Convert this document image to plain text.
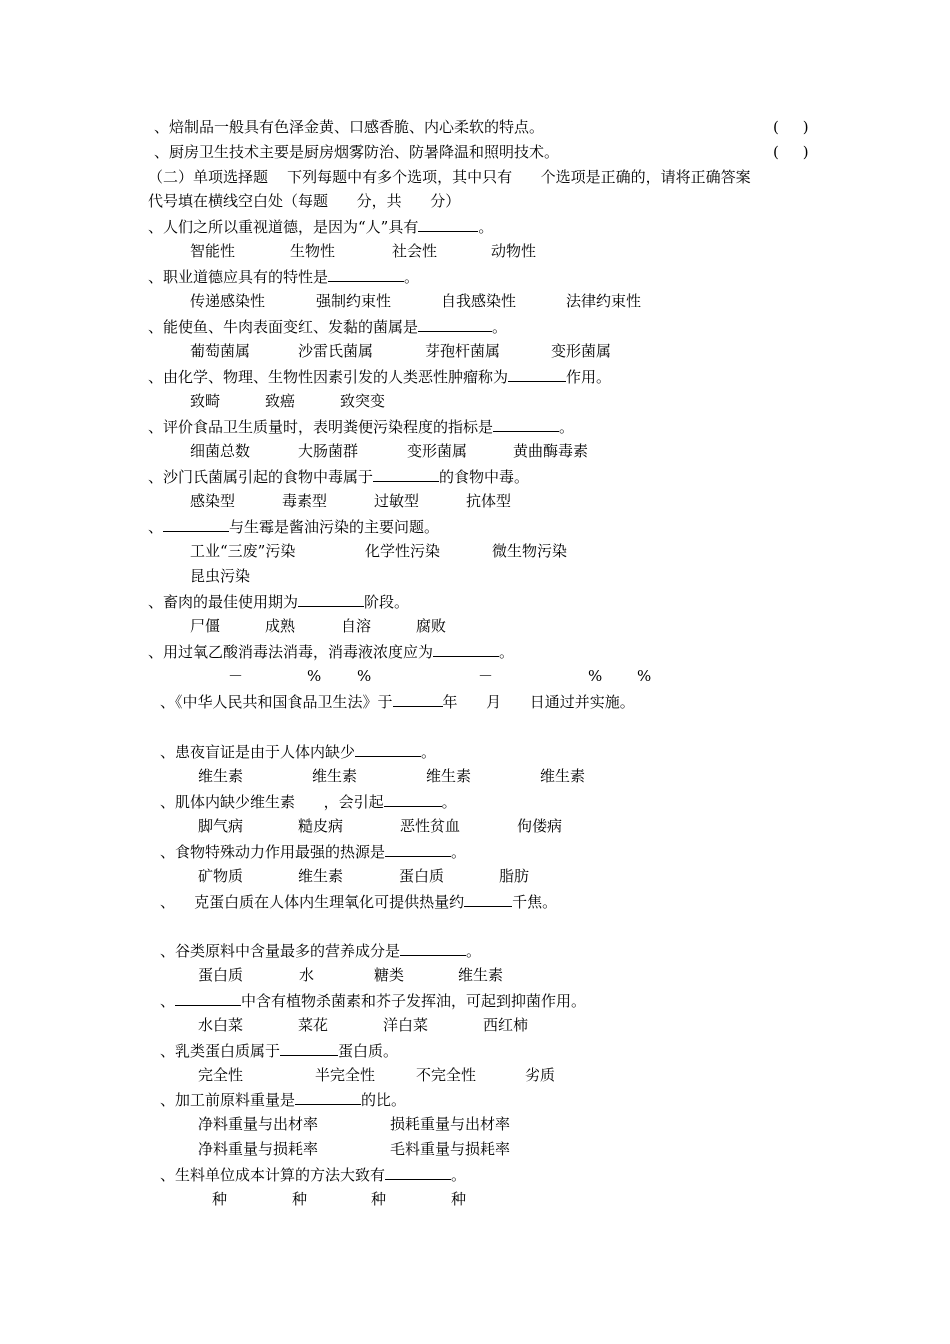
、焙制品一般具有色泽金黄、口感香脆、内心柔软的特点。	(     )
、厨房卫生技术主要是厨房烟雾防治、防暑降温和照明技术。	(     )
（二）单项选择题    下列每题中有多个选项，其中只有      个选项是正确的，请将正确答案
代号填在横线空白处（每题      分，共      分）
、人们之所以重视道德，是因为“人”具有	。
智能性	生物性	社会性	动物性
、职业道德应具有的特性是	。
传递感染性	强制约束性	自我感染性	法律约束性
、能使鱼、牛肉表面变红、发黏的菌属是	。
葡萄菌属	沙雷氏菌属	芽孢杆菌属	变形菌属
、由化学、物理、生物性因素引发的人类恶性肿瘤称为	作用。
致畸	致癌	致突变
、评价食品卫生质量时，表明粪便污染程度的指标是	。
细菌总数	大肠菌群	变形菌属	黄曲酶毒素
、沙门氏菌属引起的食物中毒属于	的食物中毒。
感染型	毒素型	过敏型	抗体型
、	与生霉是酱油污染的主要问题。
工业“三废”污染	化学性污染	微生物污染
昆虫污染
、畜肉的最佳使用期为	阶段。
尸僵	成熟	自溶	腐败
、用过氧乙酸消毒法消毒，消毒液浓度应为	。
－	% %	－	% %
、《中华人民共和国食品卫生法》于	年      月      日通过并实施。
、患夜盲证是由于人体内缺少	。
维生素	维生素	维生素	维生素
、肌体内缺少维生素      ，会引起	。
脚气病	糙皮病	恶性贫血	佝偻病
、食物特殊动力作用最强的热源是	。
矿物质	维生素	蛋白质	脂肪
、    克蛋白质在人体内生理氧化可提供热量约	千焦。
、谷类原料中含量最多的营养成分是	。
蛋白质	水	糖类	维生素
、	中含有植物杀菌素和芥子发挥油，可起到抑菌作用。
水白菜	菜花	洋白菜	西红柿
、乳类蛋白质属于	蛋白质。
完全性	半完全性	不完全性	劣质
、加工前原料重量是	的比。
净料重量与出材率	损耗重量与出材率
净料重量与损耗率	毛料重量与损耗率
、生料单位成本计算的方法大致有	。
种	种	种	种
